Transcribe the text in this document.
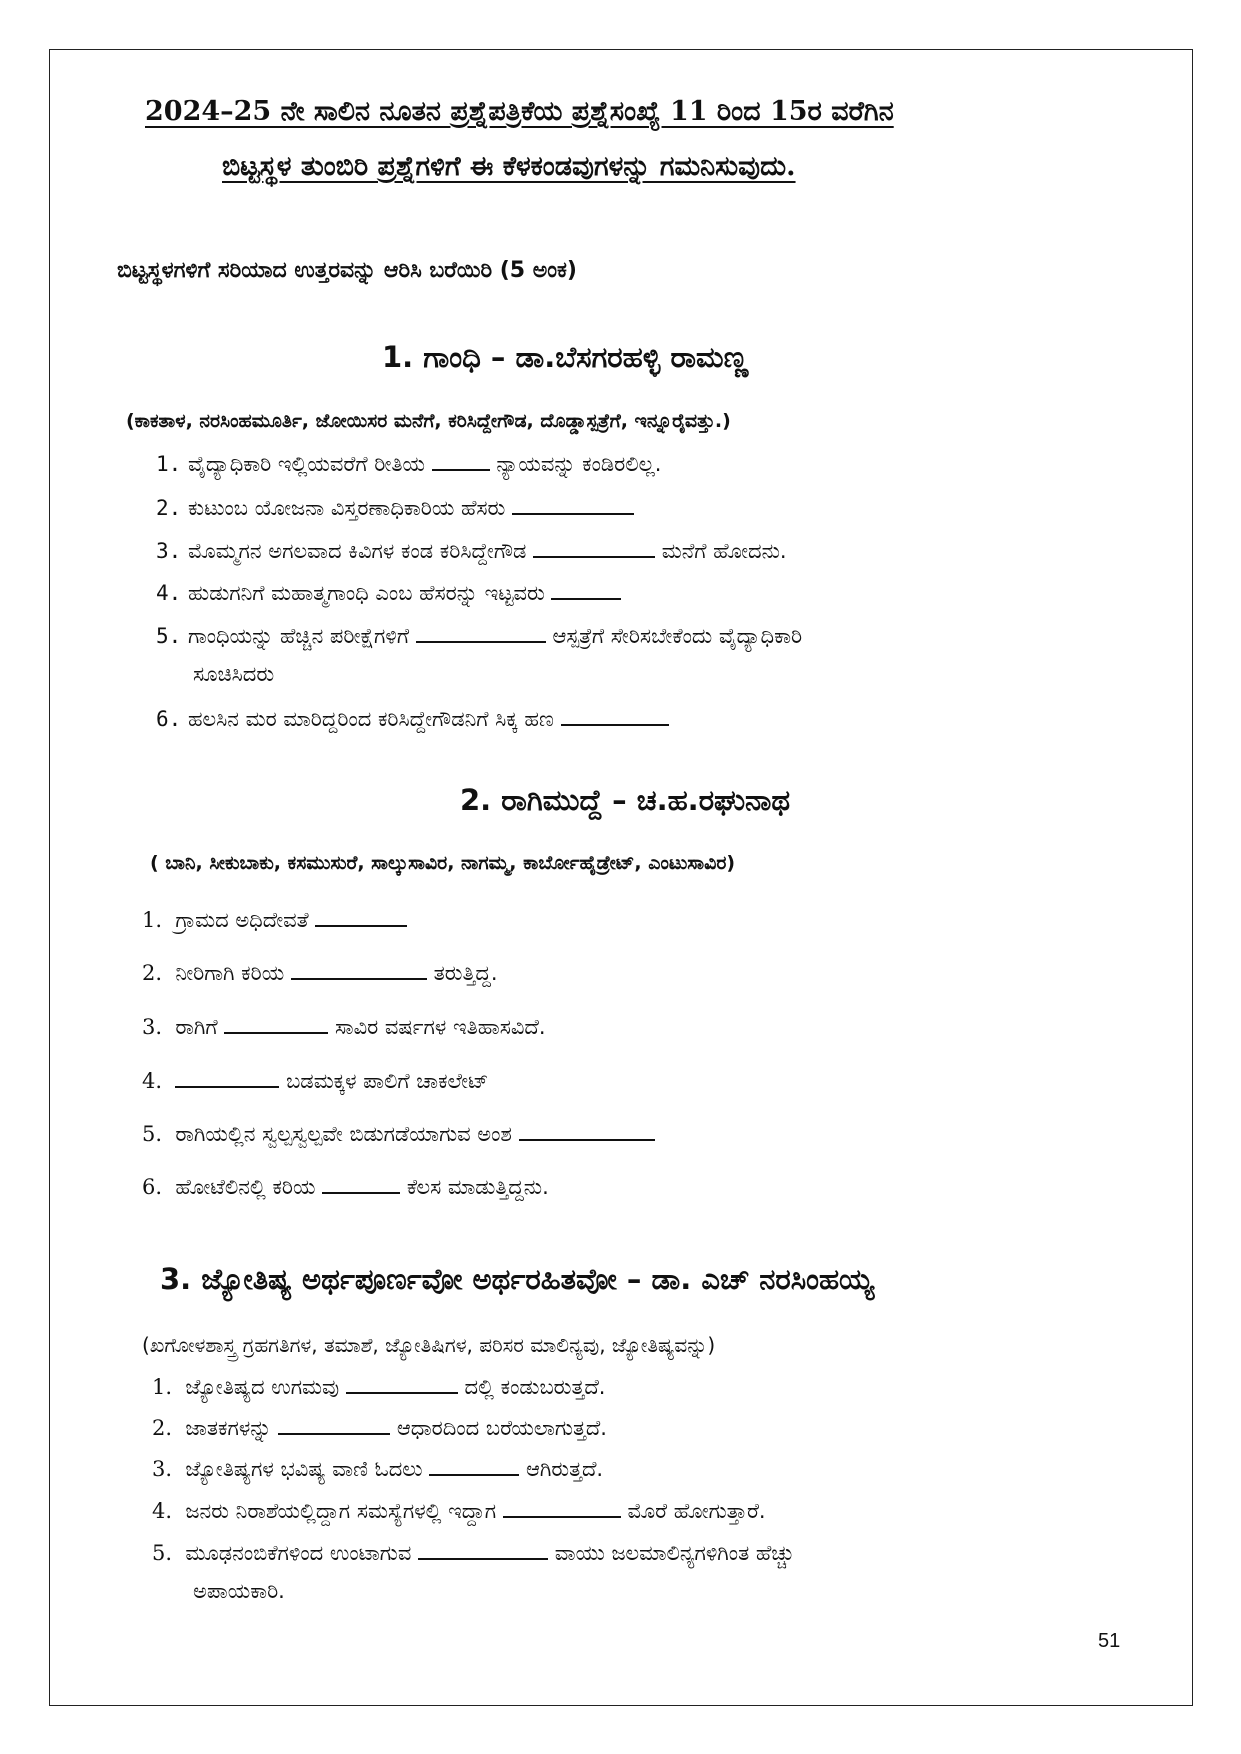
2024–25 ನೇ ಸಾಲಿನ ನೂತನ ಪ್ರಶ್ನೆಪತ್ರಿಕೆಯ ಪ್ರಶ್ನೆಸಂಖ್ಯೆ 11 ರಿಂದ 15ರ ವರೆಗಿನ
ಬಿಟ್ಟಸ್ಥಳ ತುಂಬಿರಿ ಪ್ರಶ್ನೆಗಳಿಗೆ ಈ ಕೆಳಕಂಡವುಗಳನ್ನು ಗಮನಿಸುವುದು.
ಬಿಟ್ಟಸ್ಥಳಗಳಿಗೆ ಸರಿಯಾದ ಉತ್ತರವನ್ನು ಆರಿಸಿ ಬರೆಯಿರಿ (5 ಅಂಕ)
1. ಗಾಂಧಿ – ಡಾ.ಬೆಸಗರಹಳ್ಳಿ ರಾಮಣ್ಣ
(ಕಾಕತಾಳ, ನರಸಿಂಹಮೂರ್ತಿ, ಜೋಯಿಸರ ಮನೆಗೆ, ಕರಿಸಿದ್ದೇಗೌಡ, ದೊಡ್ಡಾಸ್ಪತ್ರೆಗೆ, ಇನ್ನೂರೈವತ್ತು.)
1. ವೈದ್ಯಾಧಿಕಾರಿ ಇಲ್ಲಿಯವರೆಗೆ ರೀತಿಯ	ನ್ಯಾಯವನ್ನು ಕಂಡಿರಲಿಲ್ಲ.
2. ಕುಟುಂಬ ಯೋಜನಾ ವಿಸ್ತರಣಾಧಿಕಾರಿಯ ಹೆಸರು
3. ಮೊಮ್ಮಗನ ಅಗಲವಾದ ಕಿವಿಗಳ ಕಂಡ ಕರಿಸಿದ್ದೇಗೌಡ	ಮನೆಗೆ ಹೋದನು.
4. ಹುಡುಗನಿಗೆ ಮಹಾತ್ಮಗಾಂಧಿ ಎಂಬ ಹೆಸರನ್ನು ಇಟ್ಟವರು
5. ಗಾಂಧಿಯನ್ನು ಹೆಚ್ಚಿನ ಪರೀಕ್ಷೆಗಳಿಗೆ	ಆಸ್ಪತ್ರೆಗೆ ಸೇರಿಸಬೇಕೆಂದು ವೈದ್ಯಾಧಿಕಾರಿ
ಸೂಚಿಸಿದರು
6. ಹಲಸಿನ ಮರ ಮಾರಿದ್ದರಿಂದ ಕರಿಸಿದ್ದೇಗೌಡನಿಗೆ ಸಿಕ್ಕ ಹಣ
2. ರಾಗಿಮುದ್ದೆ – ಚ.ಹ.ರಘುನಾಥ
( ಬಾನಿ, ಸೀಕುಬಾಕು, ಕಸಮುಸುರೆ, ಸಾಲ್ಕುಸಾವಿರ, ನಾಗಮ್ಮ, ಕಾರ್ಬೋಹೈಡ್ರೇಟ್, ಎಂಟುಸಾವಿರ)
1. ಗ್ರಾಮದ ಅಧಿದೇವತೆ
2. ನೀರಿಗಾಗಿ ಕರಿಯ	ತರುತ್ತಿದ್ದ.
3. ರಾಗಿಗೆ	ಸಾವಿರ ವರ್ಷಗಳ ಇತಿಹಾಸವಿದೆ.
4.	ಬಡಮಕ್ಕಳ ಪಾಲಿಗೆ ಚಾಕಲೇಟ್
5. ರಾಗಿಯಲ್ಲಿನ ಸ್ವಲ್ಪಸ್ವಲ್ಪವೇ ಬಿಡುಗಡೆಯಾಗುವ ಅಂಶ
6. ಹೋಟೆಲಿನಲ್ಲಿ ಕರಿಯ	ಕೆಲಸ ಮಾಡುತ್ತಿದ್ದನು.
3. ಜ್ಯೋತಿಷ್ಯ ಅರ್ಥಪೂರ್ಣವೋ ಅರ್ಥರಹಿತವೋ – ಡಾ. ಎಚ್ ನರಸಿಂಹಯ್ಯ
(ಖಗೋಳಶಾಸ್ತ್ರ ಗ್ರಹಗತಿಗಳ, ತಮಾಶೆ, ಜ್ಯೋತಿಷಿಗಳ, ಪರಿಸರ ಮಾಲಿನ್ಯವು, ಜ್ಯೋತಿಷ್ಯವನ್ನು)
1. ಜ್ಯೋತಿಷ್ಯದ ಉಗಮವು	ದಲ್ಲಿ ಕಂಡುಬರುತ್ತದೆ.
2. ಜಾತಕಗಳನ್ನು	ಆಧಾರದಿಂದ ಬರೆಯಲಾಗುತ್ತದೆ.
3. ಜ್ಯೋತಿಷ್ಯಗಳ ಭವಿಷ್ಯ ವಾಣಿ ಓದಲು	ಆಗಿರುತ್ತದೆ.
4. ಜನರು ನಿರಾಶೆಯಲ್ಲಿದ್ದಾಗ ಸಮಸ್ಯೆಗಳಲ್ಲಿ ಇದ್ದಾಗ	ಮೊರೆ ಹೋಗುತ್ತಾರೆ.
5. ಮೂಢನಂಬಿಕೆಗಳಿಂದ ಉಂಟಾಗುವ	ವಾಯು ಜಲಮಾಲಿನ್ಯಗಳಿಗಿಂತ ಹೆಚ್ಚು
ಅಪಾಯಕಾರಿ.
51
